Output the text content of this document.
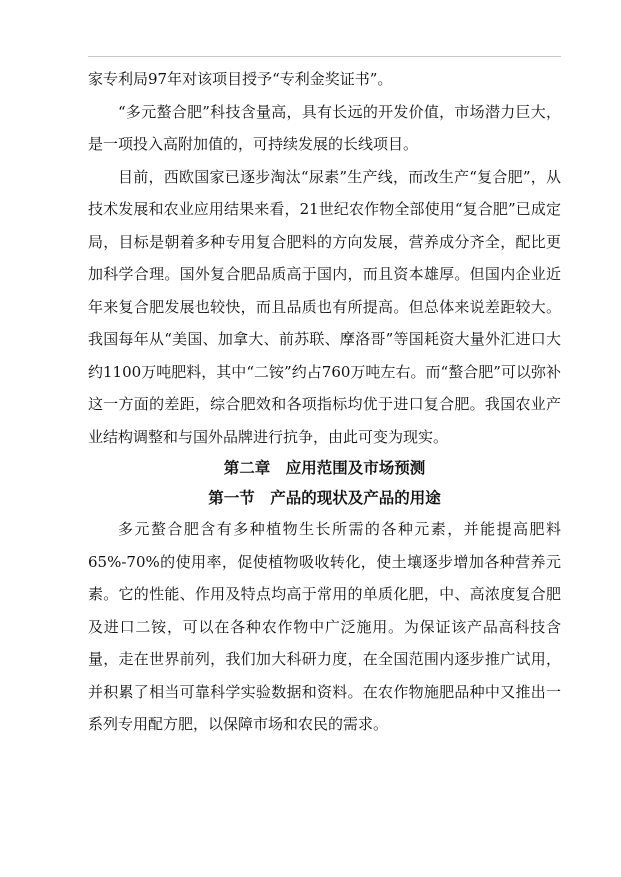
家专利局97年对该项目授予“专利金奖证书”。

“多元螯合肥”科技含量高，具有长远的开发价值，市场潜力巨大，是一项投入高附加值的，可持续发展的长线项目。

目前，西欧国家已逐步淘汰“尿素”生产线，而改生产“复合肥”，从技术发展和农业应用结果来看，21世纪农作物全部使用“复合肥”已成定局，目标是朝着多种专用复合肥料的方向发展，营养成分齐全，配比更加科学合理。国外复合肥品质高于国内，而且资本雄厚。但国内企业近年来复合肥发展也较快，而且品质也有所提高。但总体来说差距较大。我国每年从“美国、加拿大、前苏联、摩洛哥”等国耗资大量外汇进口大约1100万吨肥料，其中“二铵”约占760万吨左右。而“螯合肥”可以弥补这一方面的差距，综合肥效和各项指标均优于进口复合肥。我国农业产业结构调整和与国外品牌进行抗争，由此可变为现实。

第二章　应用范围及市场预测
第一节　产品的现状及产品的用途

多元螯合肥含有多种植物生长所需的各种元素，并能提高肥料65%-70%的使用率，促使植物吸收转化，使土壤逐步增加各种营养元素。它的性能、作用及特点均高于常用的单质化肥，中、高浓度复合肥及进口二铵，可以在各种农作物中广泛施用。为保证该产品高科技含量，走在世界前列，我们加大科研力度，在全国范围内逐步推广试用，并积累了相当可靠科学实验数据和资料。在农作物施肥品种中又推出一系列专用配方肥，以保障市场和农民的需求。
